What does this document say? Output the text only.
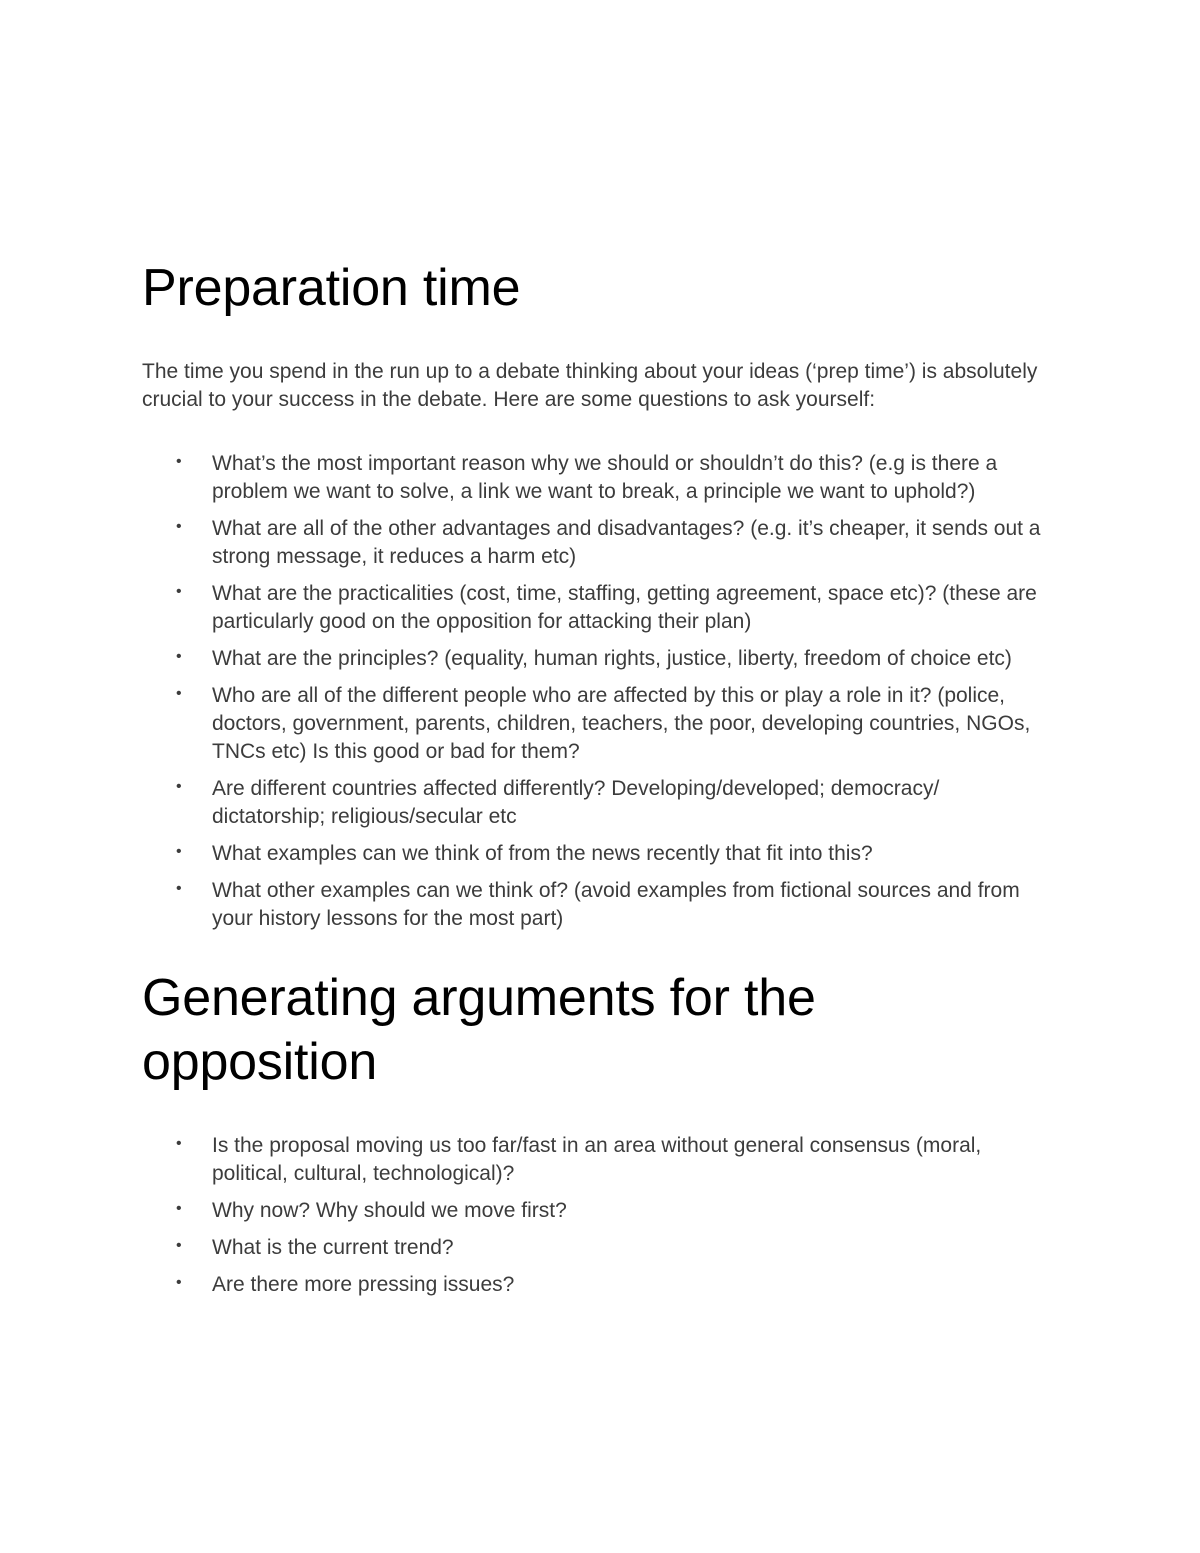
Preparation time

The time you spend in the run up to a debate thinking about your ideas (‘prep time’) is absolutely crucial to your success in the debate. Here are some questions to ask yourself:

• What’s the most important reason why we should or shouldn’t do this? (e.g is there a problem we want to solve, a link we want to break, a principle we want to uphold?)
• What are all of the other advantages and disadvantages? (e.g. it’s cheaper, it sends out a strong message, it reduces a harm etc)
• What are the practicalities (cost, time, staffing, getting agreement, space etc)? (these are particularly good on the opposition for attacking their plan)
• What are the principles? (equality, human rights, justice, liberty, freedom of choice etc)
• Who are all of the different people who are affected by this or play a role in it? (police, doctors, government, parents, children, teachers, the poor, developing countries, NGOs, TNCs etc) Is this good or bad for them?
• Are different countries affected differently? Developing/developed; democracy/ dictatorship; religious/secular etc
• What examples can we think of from the news recently that fit into this?
• What other examples can we think of? (avoid examples from fictional sources and from your history lessons for the most part)
Generating arguments for the opposition
• Is the proposal moving us too far/fast in an area without general consensus (moral, political, cultural, technological)?
• Why now? Why should we move first?
• What is the current trend?
• Are there more pressing issues?
